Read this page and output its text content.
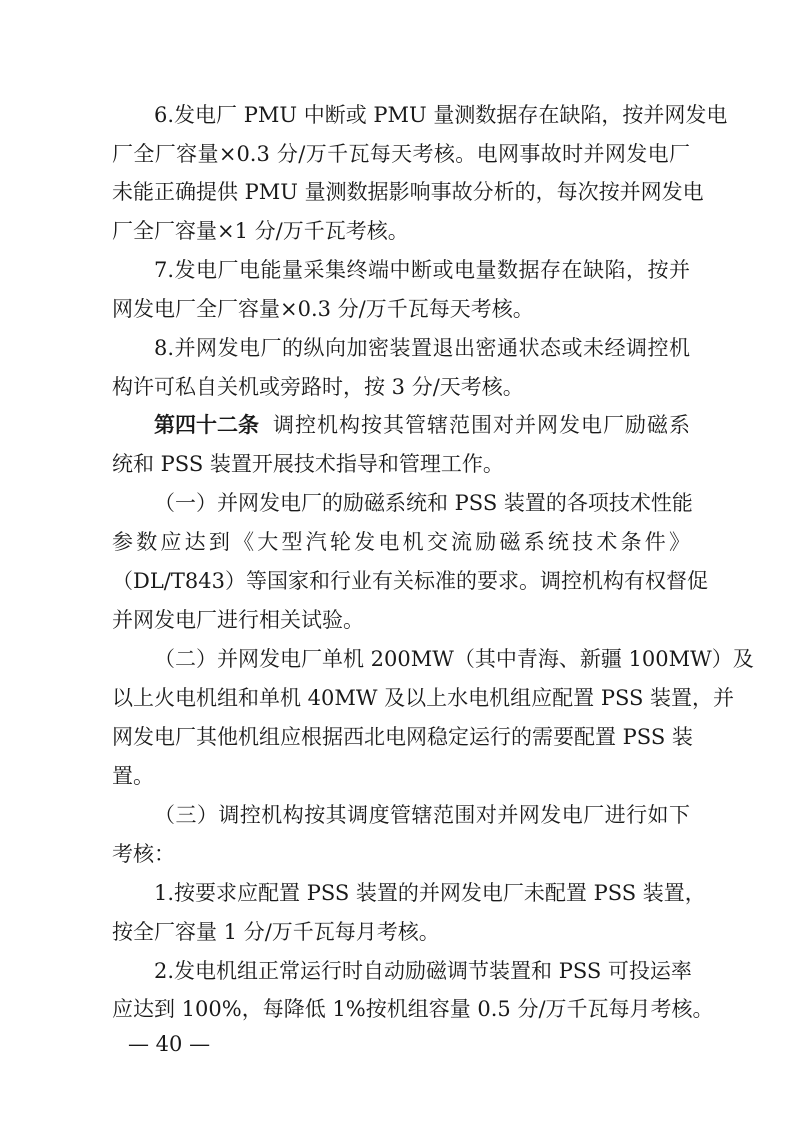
6.发电厂 PMU 中断或 PMU 量测数据存在缺陷，按并网发电
厂全厂容量×0.3 分/万千瓦每天考核。电网事故时并网发电厂
未能正确提供 PMU 量测数据影响事故分析的，每次按并网发电
厂全厂容量×1 分/万千瓦考核。
7.发电厂电能量采集终端中断或电量数据存在缺陷，按并
网发电厂全厂容量×0.3 分/万千瓦每天考核。
8.并网发电厂的纵向加密装置退出密通状态或未经调控机
构许可私自关机或旁路时，按 3 分/天考核。
第四十二条 调控机构按其管辖范围对并网发电厂励磁系
统和 PSS 装置开展技术指导和管理工作。
（一）并网发电厂的励磁系统和 PSS 装置的各项技术性能
参数应达到《大型汽轮发电机交流励磁系统技术条件》
（DL/T843）等国家和行业有关标准的要求。调控机构有权督促
并网发电厂进行相关试验。
（二）并网发电厂单机 200MW（其中青海、新疆 100MW）及
以上火电机组和单机 40MW 及以上水电机组应配置 PSS 装置，并
网发电厂其他机组应根据西北电网稳定运行的需要配置 PSS 装
置。
（三）调控机构按其调度管辖范围对并网发电厂进行如下
考核：
1.按要求应配置 PSS 装置的并网发电厂未配置 PSS 装置，
按全厂容量 1 分/万千瓦每月考核。
2.发电机组正常运行时自动励磁调节装置和 PSS 可投运率
应达到 100%，每降低 1%按机组容量 0.5 分/万千瓦每月考核。
— 40 —
